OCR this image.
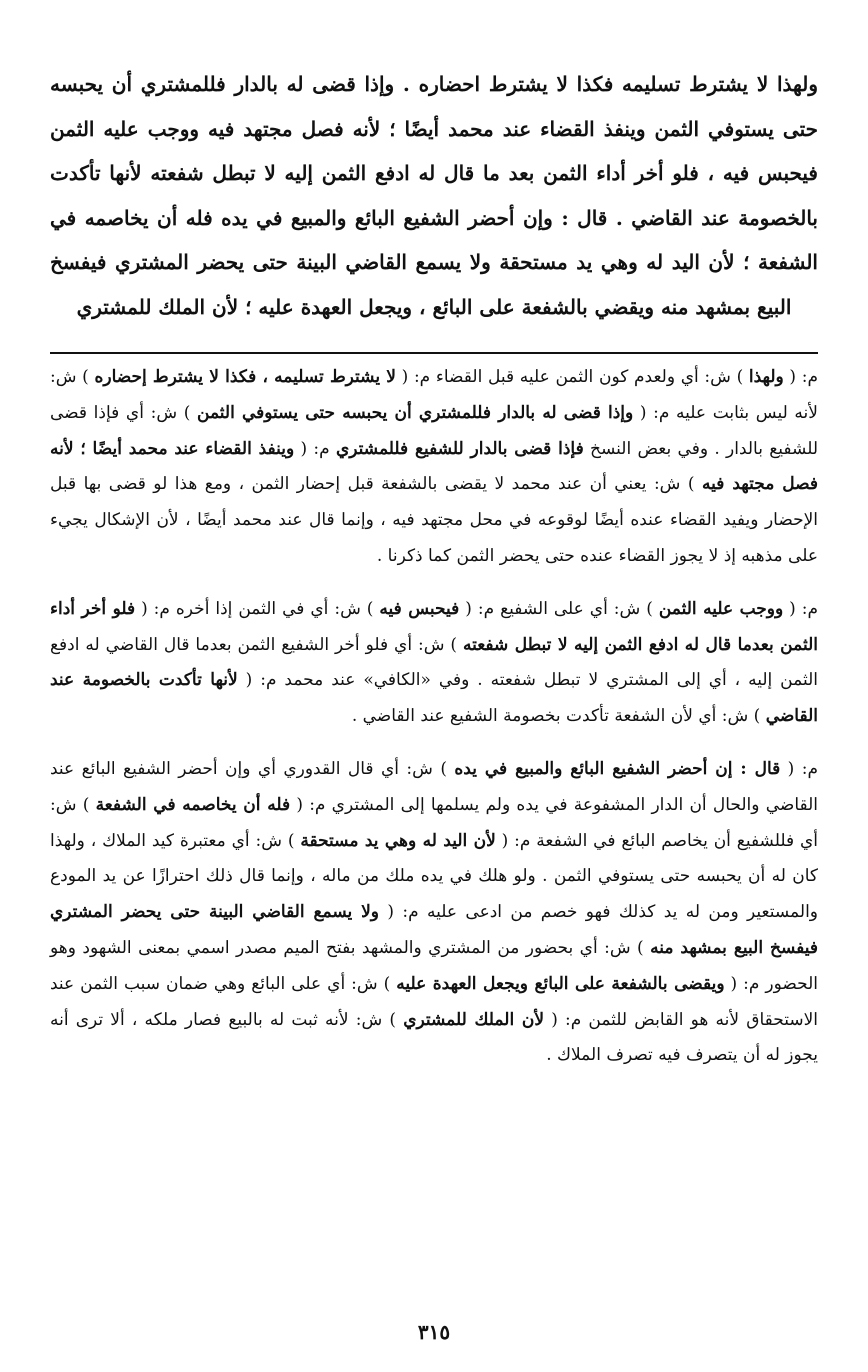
ولهذا لا يشترط تسليمه فكذا لا يشترط احضاره . وإذا قضى له بالدار فللمشتري أن يحبسه حتى يستوفي الثمن وينفذ القضاء عند محمد أيضًا ؛ لأنه فصل مجتهد فيه ووجب عليه الثمن فيحبس فيه ، فلو أخر أداء الثمن بعد ما قال له ادفع الثمن إليه لا تبطل شفعته لأنها تأكدت بالخصومة عند القاضي . قال : وإن أحضر الشفيع البائع والمبيع في يده فله أن يخاصمه في الشفعة ؛ لأن اليد له وهي يد مستحقة ولا يسمع القاضي البينة حتى يحضر المشتري فيفسخ البيع بمشهد منه ويقضي بالشفعة على البائع ، ويجعل العهدة عليه ؛ لأن الملك للمشتري

م: ( ولهذا ) ش: أي ولعدم كون الثمن عليه قبل القضاء م: ( لا يشترط تسليمه ، فكذا لا يشترط إحضاره ) ش: لأنه ليس بثابت عليه م: ( وإذا قضى له بالدار فللمشتري أن يحبسه حتى يستوفي الثمن ) ش: أي فإذا قضى للشفيع بالدار . وفي بعض النسخ فإذا قضى بالدار للشفيع فللمشتري م: ( وينفذ القضاء عند محمد أيضًا ؛ لأنه فصل مجتهد فيه ) ش: يعني أن عند محمد لا يقضى بالشفعة قبل إحضار الثمن ، ومع هذا لو قضى بها قبل الإحضار ويفيد القضاء عنده أيضًا لوقوعه في محل مجتهد فيه ، وإنما قال عند محمد أيضًا ، لأن الإشكال يجيء على مذهبه إذ لا يجوز القضاء عنده حتى يحضر الثمن كما ذكرنا .

م: ( ووجب عليه الثمن ) ش: أي على الشفيع م: ( فيحبس فيه ) ش: أي في الثمن إذا أخره م: ( فلو أخر أداء الثمن بعدما قال له ادفع الثمن إليه لا تبطل شفعته ) ش: أي فلو أخر الشفيع الثمن بعدما قال القاضي له ادفع الثمن إليه ، أي إلى المشتري لا تبطل شفعته . وفي «الكافي» عند محمد م: ( لأنها تأكدت بالخصومة عند القاضي ) ش: أي لأن الشفعة تأكدت بخصومة الشفيع عند القاضي .

م: ( قال : إن أحضر الشفيع البائع والمبيع في يده ) ش: أي قال القدوري أي وإن أحضر الشفيع البائع عند القاضي والحال أن الدار المشفوعة في يده ولم يسلمها إلى المشتري م: ( فله أن يخاصمه في الشفعة ) ش: أي فللشفيع أن يخاصم البائع في الشفعة م: ( لأن اليد له وهي يد مستحقة ) ش: أي معتبرة كيد الملاك ، ولهذا كان له أن يحبسه حتى يستوفي الثمن . ولو هلك في يده ملك من ماله ، وإنما قال ذلك احترازًا عن يد المودع والمستعير ومن له يد كذلك فهو خصم من ادعى عليه م: ( ولا يسمع القاضي البينة حتى يحضر المشتري فيفسخ البيع بمشهد منه ) ش: أي بحضور من المشتري والمشهد بفتح الميم مصدر اسمي بمعنى الشهود وهو الحضور م: ( ويقضى بالشفعة على البائع ويجعل العهدة عليه ) ش: أي على البائع وهي ضمان سبب الثمن عند الاستحقاق لأنه هو القابض للثمن م: ( لأن الملك للمشتري ) ش: لأنه ثبت له بالبيع فصار ملكه ، ألا ترى أنه يجوز له أن يتصرف فيه تصرف الملاك .

٣١٥
